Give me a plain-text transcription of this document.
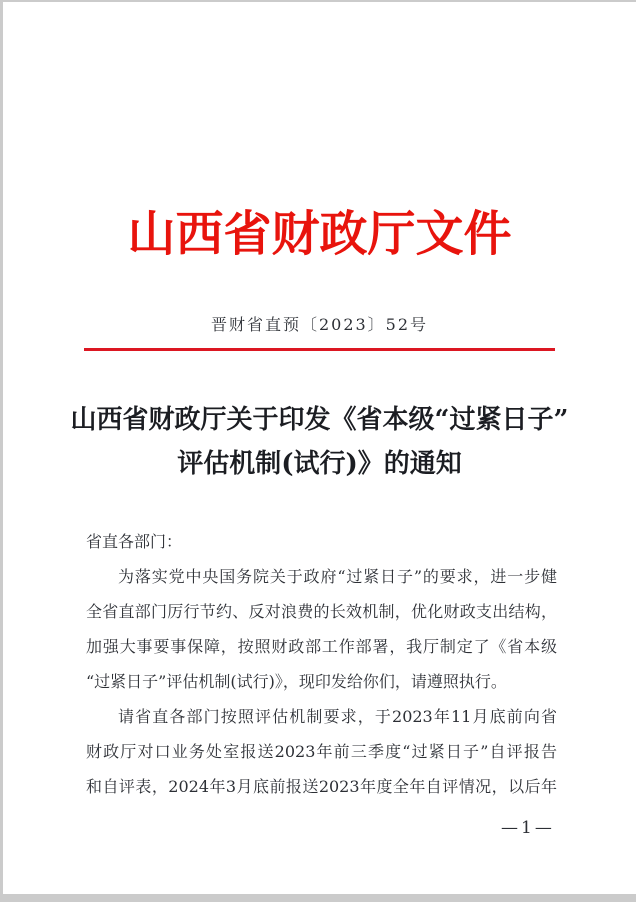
山西省财政厅文件
晋财省直预〔2023〕52号
山西省财政厅关于印发《省本级“过紧日子”
评估机制(试行)》的通知
省直各部门：
为落实党中央国务院关于政府“过紧日子”的要求，进一步健
全省直部门厉行节约、反对浪费的长效机制，优化财政支出结构，
加强大事要事保障，按照财政部工作部署，我厅制定了《省本级
“过紧日子”评估机制(试行)》，现印发给你们，请遵照执行。
请省直各部门按照评估机制要求，于2023年11月底前向省
财政厅对口业务处室报送2023年前三季度“过紧日子”自评报告
和自评表，2024年3月底前报送2023年度全年自评情况，以后年
—1—
